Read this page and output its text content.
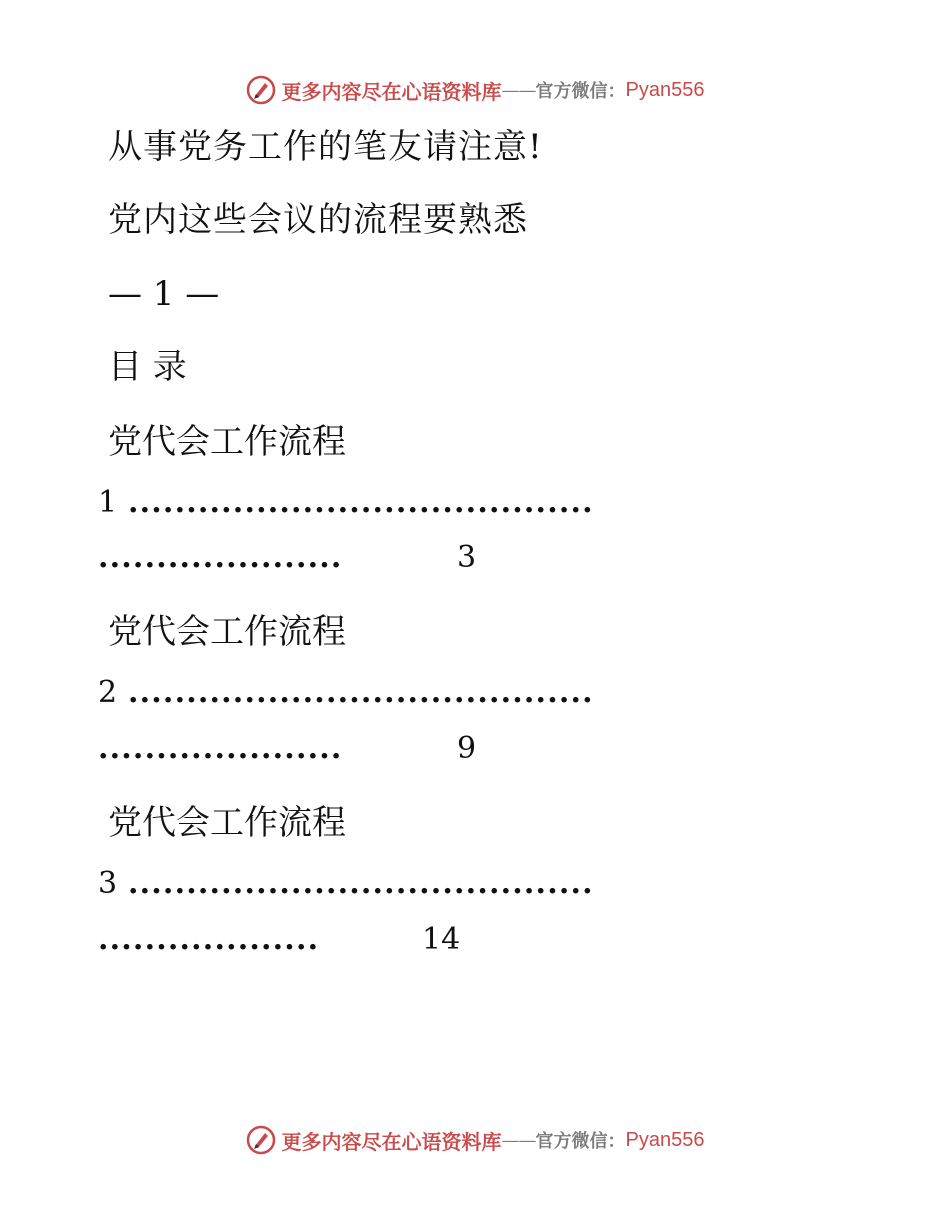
更多内容尽在心语资料库 —— 官方微信： Pyan556
从事党务工作的笔友请注意!
党内这些会议的流程要熟悉
— 1 —
目 录
党代会工作流程
1 ........................................
.....................	3
党代会工作流程
2 ........................................
.....................	9
党代会工作流程
3 ........................................
...................	14
更多内容尽在心语资料库 —— 官方微信： Pyan556
